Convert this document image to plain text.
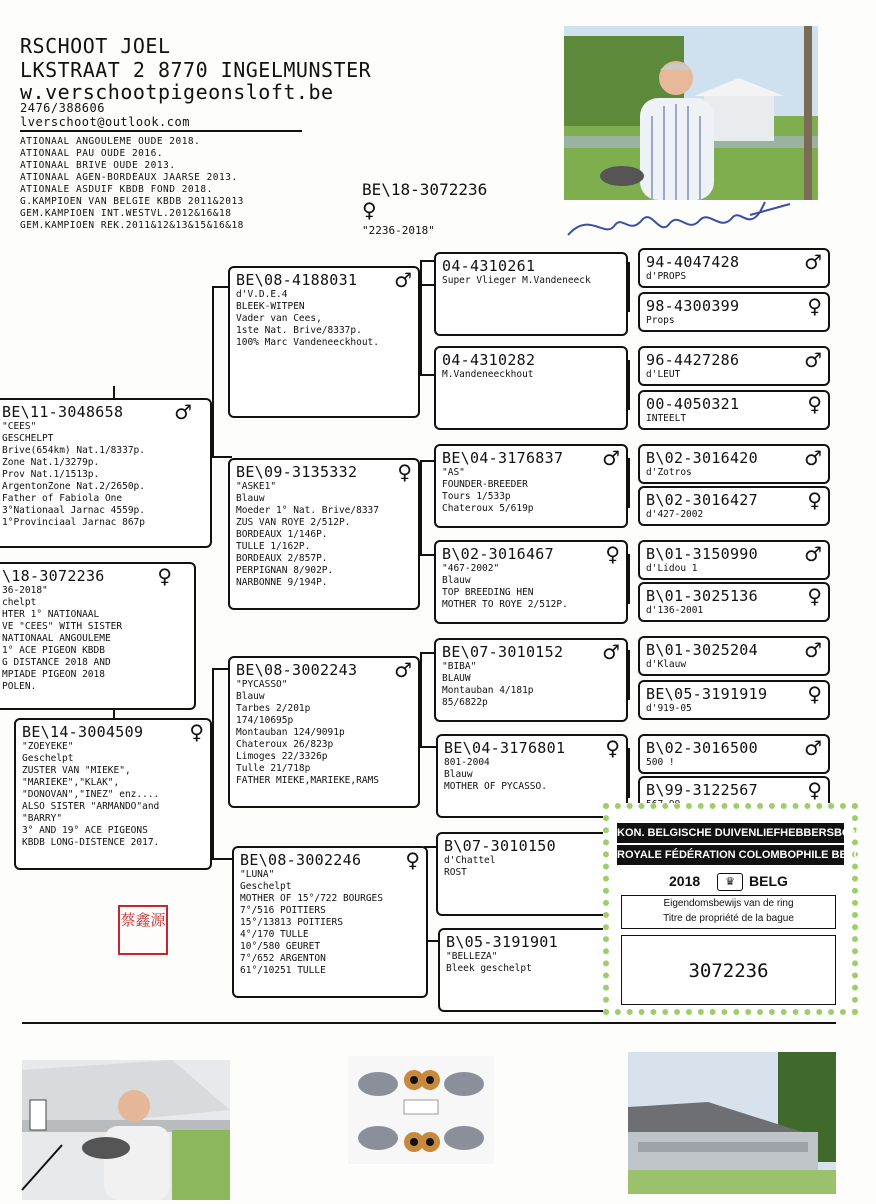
RSCHOOT JOEL
LKSTRAAT 2 8770 INGELMUNSTER
w.verschootpigeonsloft.be
2476/388606
lverschoot@outlook.com
ATIONAAL ANGOULEME OUDE 2018.
ATIONAAL PAU OUDE 2016.
ATIONAAL BRIVE OUDE 2013.
ATIONAAL AGEN-BORDEAUX JAARSE 2013.
ATIONALE ASDUIF KBDB FOND 2018.
G.KAMPIOEN VAN BELGIE KBDB 2011&2013
GEM.KAMPIOEN INT.WESTVL.2012&16&18
GEM.KAMPIOEN REK.2011&12&13&15&16&18
BE\18-3072236
♀
"2236-2018"
\18-3072236	♀
36-2018"
chelpt
HTER 1° NATIONAAL
VE "CEES" WITH SISTER
NATIONAAL ANGOULEME
1° ACE PIGEON KBDB
G DISTANCE 2018 AND
MPIADE PIGEON 2018
POLEN.
BE\11-3048658	♂
"CEES"
GESCHELPT
Brive(654km) Nat.1/8337p.
Zone Nat.1/3279p.
Prov Nat.1/1513p.
ArgentonZone Nat.2/2650p.
Father of Fabiola One
3°Nationaal Jarnac 4559p.
1°Provinciaal Jarnac 867p
BE\14-3004509	♀
"ZOEYEKE"
Geschelpt
ZUSTER VAN "MIEKE",
"MARIEKE","KLAK",
"DONOVAN","INEZ" enz....
ALSO SISTER "ARMANDO"and
"BARRY"
3° AND 19° ACE PIGEONS
KBDB LONG-DISTENCE 2017.
BE\08-4188031	♂
d'V.D.E.4
BLEEK-WITPEN
Vader van Cees,
1ste Nat. Brive/8337p.
100% Marc Vandeneeckhout.
BE\09-3135332	♀
"ASKE1"
Blauw
Moeder 1° Nat. Brive/8337
ZUS VAN ROYE 2/512P.
BORDEAUX 1/146P.
TULLE 1/162P.
BORDEAUX 2/857P.
PERPIGNAN 8/902P.
NARBONNE 9/194P.
BE\08-3002243	♂
"PYCASSO"
Blauw
Tarbes 2/201p
174/10695p
Montauban 124/9091p
Chateroux 26/823p
Limoges 22/3326p
Tulle 21/718p
FATHER MIEKE,MARIEKE,RAMS
BE\08-3002246	♀
"LUNA"
Geschelpt
MOTHER OF 15°/722 BOURGES
7°/516 POITIERS
15°/13813 POITIERS
4°/170 TULLE
10°/580 GEURET
7°/652 ARGENTON
61°/10251 TULLE
04-4310261
Super Vlieger M.Vandeneeck
04-4310282
M.Vandeneeckhout
BE\04-3176837	♂
"AS"
FOUNDER-BREEDER
Tours 1/533p
Chateroux 5/619p
B\02-3016467	♀
"467-2002"
Blauw
TOP BREEDING HEN
MOTHER TO ROYE 2/512P.
BE\07-3010152	♂
"BIBA"
BLAUW
Montauban 4/181p
85/6822p
BE\04-3176801	♀
801-2004
Blauw
MOTHER OF PYCASSO.
B\07-3010150
d'Chattel
ROST
B\05-3191901
"BELLEZA"
Bleek geschelpt
94-4047428	♂
d'PROPS
98-4300399	♀
Props
96-4427286	♂
d'LEUT
00-4050321	♀
INTEELT
B\02-3016420	♂
d'Zotros
B\02-3016427	♀
d'427-2002
B\01-3150990	♂
d'Lidou 1
B\01-3025136	♀
d'136-2001
B\01-3025204	♂
d'Klauw
BE\05-3191919	♀
d'919-05
B\02-3016500	♂
500 !
B\99-3122567	♀
蔡鑫源
KON. BELGISCHE DUIVENLIEFHEBBERSBOND
ROYALE FÉDÉRATION COLOMBOPHILE BELGE
2018	♛	BELG
Eigendomsbewijs van de ring
Titre de propriété de la bague
3072236
